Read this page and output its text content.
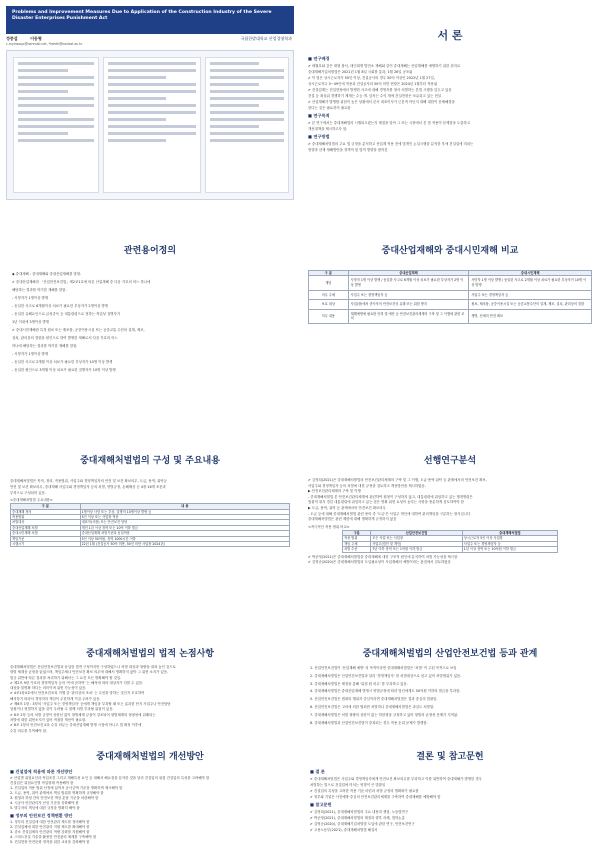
Problems and Improvement Measures Due to Application of the Construction Industry of the Severe Disaster Enterprises Punishment Act
정중섭	이동형	국립한밭대학교 산업경영학과
c.myinsoup@hanmail.net, *leedh@hanbat.ac.kr
서 론

■ 연구배경

✔ 세월호와 같은 대형 참사, 대인희생 발전소 재해와 같이 중대재해는 산업재해를 예방하기 위한 취지로

중대재해기업처벌법은 2021년 1월 8일 국회를 통과, 1월 26일 공포됨

✔ 이 법은 상시근로자가 50인 이상, 건설공사의 경우 50억 이상인 2022년 1월 27일,

상시근로자수 5~49인에 적용과 건설공사의 50억 미만 현장은 2024년 1월부터 적용됨

✔ 건설업계는 건설현장에서 발생한 사고에 대해 경영자를 형사 처벌하는 본법 시행을 앞두고 있음

건설 등 최상위 경쟁하기 제재는 수능 개. 앞서는 수익 개에 건설현장은 보유되고 있는 현실

✔ 산업재해가 발생할 위험이 높은 상황에서 본사 대표이사가 근본적 아닌지 대해 대한이 문제해결을

한다는 것은 필요하지 필요함

■ 연구목적

✔ 본 연구에서는 중대재해법의 시행되시켰는지 제점을 알아 그 또는 시장에서 본 법 적용이 문제점을 도출하고

개선대책을 제시하고자 함.

■ 연구방법

✔ 중대재해처벌법의 주요 법 규정을 분석하고 산업계 적용 전에 법개인 논설시행을 분석한 후에 건설업에 미치는

영향과 산재 재해방안을 정책적 및 법적 방향을 찾아감

관련용어정의

◆ 중대재해 : 중대재해와 중대산업재해를 말함.

✔ 중대산업재해라 「산업안전보건법」제2조1호에 따른 산업재해 중 다음 각호의 어느 하나에

해당하는 결과를 야기한 재해를 말함.

- 사망자가 1명이상 발생

- 동일한 사고로 6개월이상 치료가 필요한 부상자가 2명이상 발생

- 동일한 유해요인으로 급성중독 등 대통령령으로 정하는 직업성 질병자가

1년 이내에 3명이상 발생

✔ 중대시민재해란 특정 원료 또는 제조품, 공중이용시설 또는 공중교통 수단의 설계, 제조,

설치, 관리상의 결함을 원인으로 하여 발생한 재해로서 다음 각호의 어느

하나에 해당하는 결과를 야기한 재해를 말함.

- 사망자가 1명이상 발생

- 동일한 사고로 2개월 이상 치료가 필요한 부상자가 10명 이상 발생

- 동일한 원인으로 3개월 이상 치료가 필요한 질병자가 10명 이상 발생

중대산업재해와 중대시민재해 비교
구 분	중대산업재해	중대시민재해
개념	사망자 1명 이상 발생 / 동일한 사고로 6개월 이상 치료가 필요한 부상자가 2명 이상 발생	사망자 1명 이상 발생 / 동일한 사고로 2개월 이상 치료가 필요한 부상자가 10명 이상 발생
의무 주체	사업주 또는 경영책임자 등	사업주 또는 경영책임자 등
보호 대상	사업(장)에서 종사자의 안전보건상 유해 또는 위험 방지	원료, 제조품, 공중이용시설 또는 공중교통수단의 설계, 제조, 설치, 관리상의 결함
의무 내용	재해예방에 필요한 인력 및 예산 등 안전보건관리체계의 구축 및 그 이행에 관한 조치	생명, 신체의 안전 확보
중대재해처벌법의 구성 및 주요내용

중대재해처벌법은 목적, 정의, 적용범위, 사업주와 경영책임자의 안전 및 보건 확보의무, 도급, 용역, 위탁등

안전 및 보건 확보의무, 중대재해 사업주와 경영책임자 등의 처벌, 양벌규정, 손해배상 등 4장 16개 조문과

부칙으로 구성되어 있음.

<중대재해처벌법 주요내용>

구 분	내 용
중대재해 정의	1명이상 사망 또는 부상, 질병의 10명이상 발생 등
적용범위	5인 이상 또는 사업장 적용
처벌대상	대표자(사장) 또는 안전보건 담당
중대산업재해 처벌	개인 1년 이상 징역 또는 10억 이하 벌금
중대시민재해 처벌	중대산업재해 처벌기준과 동일적용
책임기준	5인 이상 50억원, 징역 1000시간 이하
시행시기	22년 1월 (건설공사 50억 미만, 50인 미만 사업장 2024년)
선행연구분석

✔ 김영희(2021)은 중대재해처벌법의 안전보건관리체계의 구축 및 그 이행, 도급·용역·위탁 등 관계에서의 안전보건 확보,

사업주와 경영책임자 등의 처벌에 대한 규정을 검토하고 개선방안을 제시하였음.

▶ 안전보건관리체계의 구축 및 이행

- 중대재해처벌법 본 안전보건관리체계에 관련하여 원청이 구성하지 않고, 대통령령에 위임하고 있는 행정명령은

법률적 취지 경감 대통령령에 위임하고 있는 점은 명확 위헌 요성이 높다는 사항을 충분하게 검토하여야 함

▶ 도급, 용역, 위탁 등 관계에서의 안전보건 확보의무

- 도급 등에 대해 중대재해처벌법 관련 용어 중 '도급'은 사업주 개인에 대하여 관리책임을 구분하는 형식입니다

중대재해처벌법은 관련 제한에 대해 명확하게 규정하지 않음

<적극적인 적용 범위 비교>

구분	산업안전보건법	중대재해처벌법
적용 범위	모든 사업 또는 사업장	상시근로자 5인 이상 사업장
책임 주체	사업주(법인 및 개인)	사업주 또는 경영책임자 등
처벌 수준	7년 이하 징역 또는 1억원 이하 벌금	1년 이상 징역 또는 10억원 이하 벌금

✔ 박준영(2021)은 중대재해처벌법을 중대재해에 대한 구조적 원인에 분석하여 처벌 가능성을 제시함

✔ 김영준(2020)은 중대재해처벌법의 도입필요성이 사업재해의 예방이라는 관점에서 검토하였음

중대재해처벌법의 법적 논점사항

중대재해처벌법은 산업안전보건법과 동일한 법적 구성이지만 구성하였으나 처벌 대상과 형량을 대폭 높인 것으로

형벌 체계상 균형을 잃었으며, 책임주체나 안전보건 확보 의무에 대해서 명확하지 않아 그 위헌 소지가 있음.

법규 위반에 따른 결과를 처리하기 위해서는 그 요건 모든 명확해야 할 것임.

✔ 제2조 9항 가호의 경영책임자 등의 '이에 준하여' 는 해석에 따라 대상자가 다를 수 있음.

대상을 불명확 하다는 의미이며 위헌 가능성이 있음.

✔ 4조1항4호에서 안전보건조치 이행 중 '관리상의 조치' 는 무엇을 말하는 것인지 모호하여

해석하기 따라서 경영자의 책임이 무한하게 커질 우려가 있음.

✔ 제6조 1항 : 3항의 '사업주 또는 경영책임자' 등에게 책임을 부과할 때 또는 효과한 단지 사업주나 안전담당

임원이나 형벌하지 않을 것이 우려될 수 함께 처벌 부과될 위험이 있음.

✔ 6조 2항 등의 처벌 규정이 상한선 없이 형벌체계 규율이 강조되어 형벌체계의 형평성에 위배되는

처벌에 대한 위헌소지가 있어 적절한 개선이 필요함.

✔ 8조 1항의 안전보건교육 수강 의무는 중대산업재해 발생 시점에 아니고 법 확정 이후에

수강 의무를 부여해야 함.

중대재해처벌법의 산업안전보건법 등과 관계

1. 산업안전보건법이 '산업재해 예방' 의 목적이라면 중대재해처벌법은 '처벌' 이 주된 목적으로 보임

2. 중대재해처벌법은 산업안전보건법과 달리 '경영책임자' 를 처벌대상으로 삼고 있어 처벌범위가 넓음.

3. 중대재해처벌법은 제정을 통해 '위험 원 의무' 를 부과하고 있음.

4. 중대재해처벌법은 중대산업재해 발생시 양벌규정에 따라 법인에게도 50억원 이하의 벌금을 부과함.

5. 산업안전보건법은 범죄의 행위자 중심이라면 중대재해처벌법은 결과 중심의 법률임.

6. 산업안전보건법은 고의에 의한 범죄만 처벌하나 중대재해처벌법은 과실도 처벌함.

7. 중대재해처벌법은 처벌 형량의 상한이 없는 하한형을 규정하고 있어 형벌의 균형성 문제가 지적됨.

8. 중대재해처벌법과 산업안전보건법이 중복되는 경우 적용 순위 문제가 발생함.

중대재해처벌법의 개선방안

■ 건설업에 적용에 따른 개선방안

✔ 산업별 위험요인과 작업조건 그리고 재해특성 요인 등 대해서 해요점을 분석한 것을 달리 건설업의 위험 건설업의 특성을 고려해야 함

건설업은 위험요인별 작업형태 적용해야 함

1. 건설업의 적용 범위 산정에 있어서 공사금액 기준을 명확하게 제시해야 함

2. 도급, 용역, 위탁 관계에서 책임 범위를 명확하게 규정해야 함

3. 원청과 하청 간의 안전보건 책임 분담 기준을 마련해야 함

4. 시공사 안전관리자 선임 기준을 강화해야 함

5. 발주자의 책임에 대한 규정을 명확히 해야 함

■ 정부의 안전보건 정책변환 방안

1. 정부의 건설업에 대한 안전관리 제도를 정비해야 함

2. 건설업체에 대한 안전관리 지원 제도를 확대해야 함

3. 중소 건설업체의 안전관리 역량 강화를 지원해야 함

4. 스마트건설 기술을 활용한 안전관리 체계를 구축해야 함

5. 건설현장 안전문화 정착을 위한 교육을 강화해야 함

결론 및 참고문헌

■ 결 론

✔ 중대재해처벌법은 사업주와 경영책임자에게 안전보건 확보의무를 부과하고 이를 위반하여 중대재해가 발생한 경우

처벌하는 법으로 건설업에 미치는 영향이 큰 법률임

✔ 건설업의 특성을 고려한 적용 기준 마련과 처벌 규정의 명확화가 필요함

✔ 정부와 기업은 사전예방 중심의 안전보건관리체계를 구축하여 중대재해를 예방해야 함

■ 참고문헌

✔ 김영희(2021), 중대재해처벌법의 주요 내용과 쟁점, 노동법연구

✔ 박준영(2021), 중대재해처벌법의 제정과 향후 과제, 법학논총

✔ 김영준(2020), 중대재해기업처벌법 도입에 관한 연구, 안전보건연구

✔ 고용노동부(2021), 중대재해처벌법 해설서
